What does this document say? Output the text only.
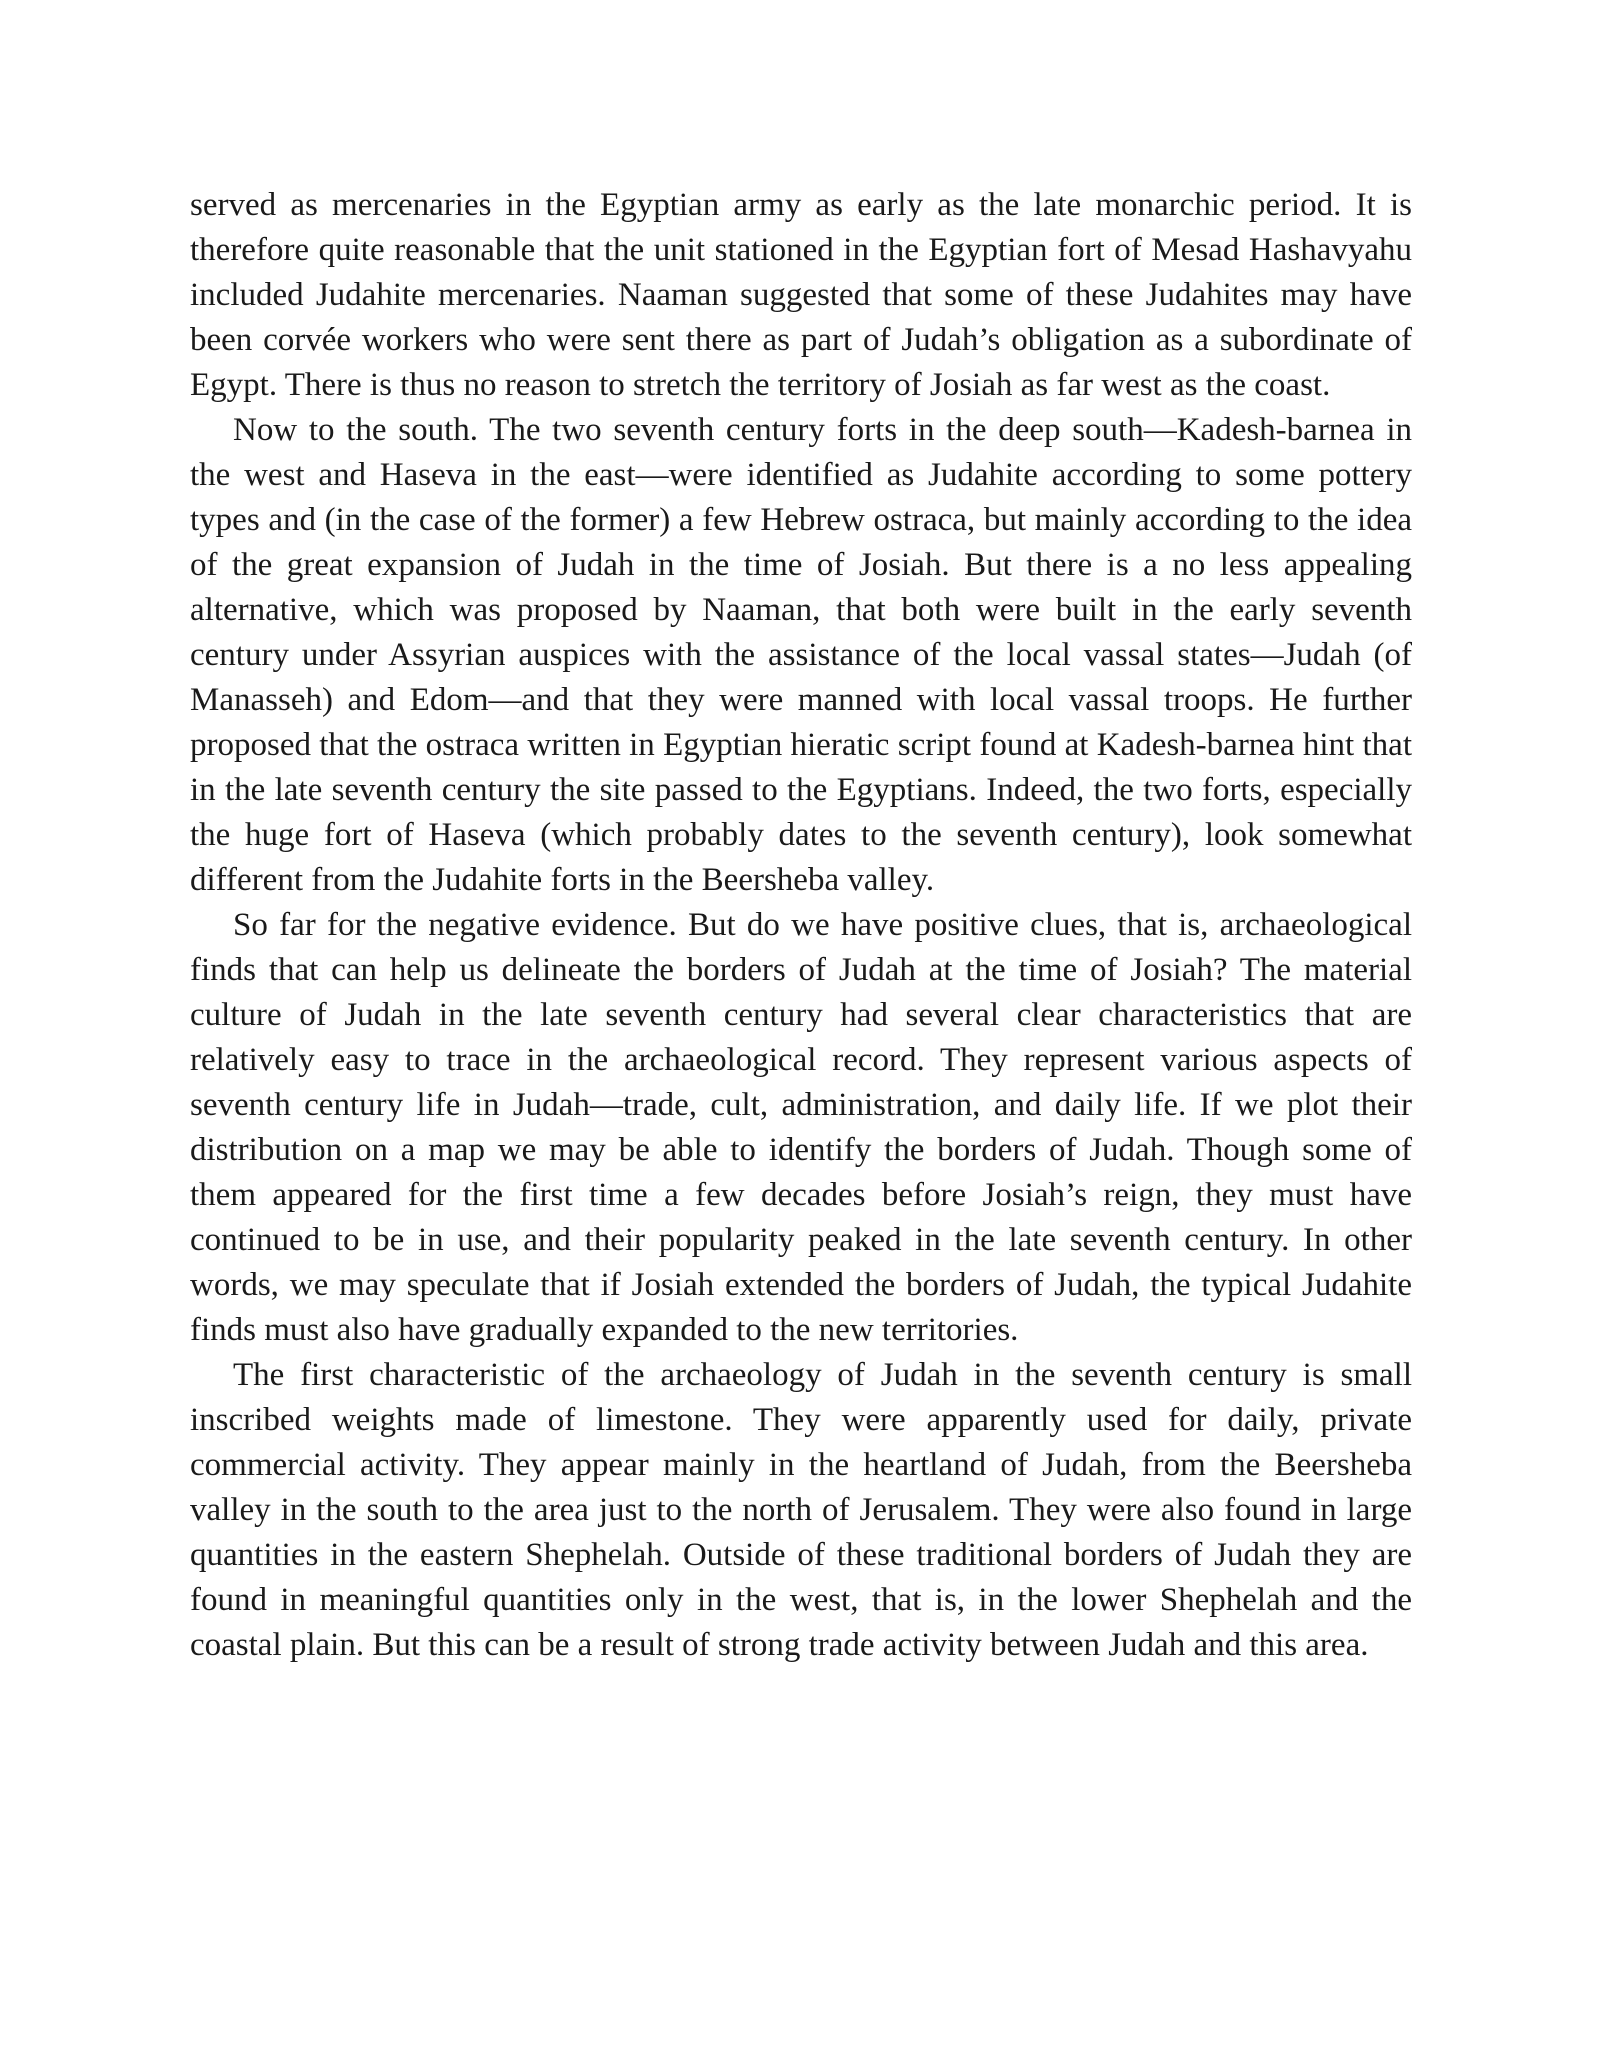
served as mercenaries in the Egyptian army as early as the late monarchic period. It is therefore quite reasonable that the unit stationed in the Egyptian fort of Mesad Hashavyahu included Judahite mercenaries. Naaman suggested that some of these Judahites may have been corvée workers who were sent there as part of Judah’s obligation as a subordinate of Egypt. There is thus no reason to stretch the territory of Josiah as far west as the coast.

Now to the south. The two seventh century forts in the deep south—Kadesh-barnea in the west and Haseva in the east—were identified as Judahite according to some pottery types and (in the case of the former) a few Hebrew ostraca, but mainly according to the idea of the great expansion of Judah in the time of Josiah. But there is a no less appealing alternative, which was proposed by Naaman, that both were built in the early seventh century under Assyrian auspices with the assistance of the local vassal states—Judah (of Manasseh) and Edom—and that they were manned with local vassal troops. He further proposed that the ostraca written in Egyptian hieratic script found at Kadesh-barnea hint that in the late seventh century the site passed to the Egyptians. Indeed, the two forts, especially the huge fort of Haseva (which probably dates to the seventh century), look somewhat different from the Judahite forts in the Beersheba valley.

So far for the negative evidence. But do we have positive clues, that is, archaeological finds that can help us delineate the borders of Judah at the time of Josiah? The material culture of Judah in the late seventh century had several clear characteristics that are relatively easy to trace in the archaeological record. They represent various aspects of seventh century life in Judah—trade, cult, administration, and daily life. If we plot their distribution on a map we may be able to identify the borders of Judah. Though some of them appeared for the first time a few decades before Josiah’s reign, they must have continued to be in use, and their popularity peaked in the late seventh century. In other words, we may speculate that if Josiah extended the borders of Judah, the typical Judahite finds must also have gradually expanded to the new territories.

The first characteristic of the archaeology of Judah in the seventh century is small inscribed weights made of limestone. They were apparently used for daily, private commercial activity. They appear mainly in the heartland of Judah, from the Beersheba valley in the south to the area just to the north of Jerusalem. They were also found in large quantities in the eastern Shephelah. Outside of these traditional borders of Judah they are found in meaningful quantities only in the west, that is, in the lower Shephelah and the coastal plain. But this can be a result of strong trade activity between Judah and this area.
